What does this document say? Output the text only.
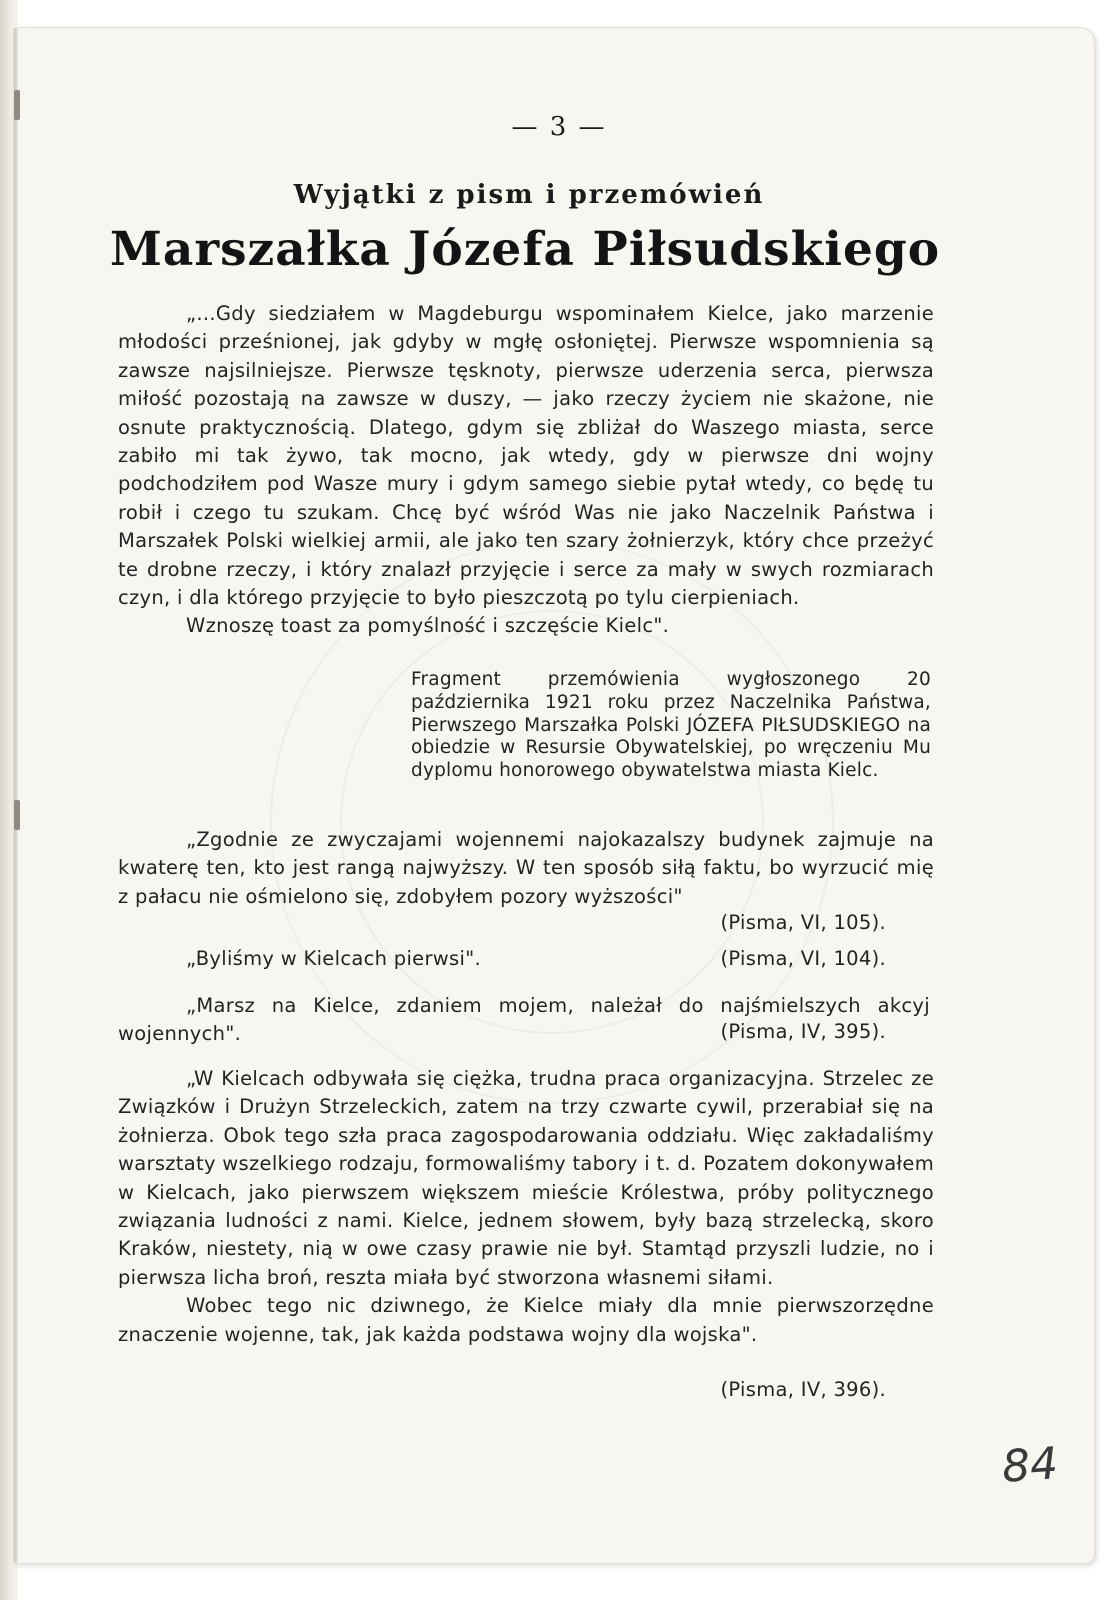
— 3 —
Wyjątki z pism i przemówień
Marszałka Józefa Piłsudskiego

„...Gdy siedziałem w Magdeburgu wspominałem Kielce, jako marzenie młodości prześnionej, jak gdyby w mgłę osłoniętej. Pierwsze wspomnienia są zawsze najsilniejsze. Pierwsze tęsknoty, pierwsze uderzenia serca, pierwsza miłość pozostają na zawsze w duszy, — jako rzeczy życiem nie skażone, nie osnute praktycznością. Dlatego, gdym się zbliżał do Waszego miasta, serce zabiło mi tak żywo, tak mocno, jak wtedy, gdy w pierwsze dni wojny podchodziłem pod Wasze mury i gdym samego siebie pytał wtedy, co będę tu robił i czego tu szukam. Chcę być wśród Was nie jako Naczelnik Państwa i Marszałek Polski wielkiej armii, ale jako ten szary żołnierzyk, który chce przeżyć te drobne rzeczy, i który znalazł przyjęcie i serce za mały w swych rozmiarach czyn, i dla którego przyjęcie to było pieszczotą po tylu cierpieniach.

Wznoszę toast za pomyślność i szczęście Kielc".

Fragment przemówienia wygłoszonego 20 października 1921 roku przez Naczelnika Państwa, Pierwszego Marszałka Polski JÓZEFA PIŁSUDSKIEGO na obiedzie w Resursie Obywatelskiej, po wręczeniu Mu dyplomu honorowego obywatelstwa miasta Kielc.

„Zgodnie ze zwyczajami wojennemi najokazalszy budynek zajmuje na kwaterę ten, kto jest rangą najwyższy. W ten sposób siłą faktu, bo wyrzucić mię z pałacu nie ośmielono się, zdobyłem pozory wyższości"

(Pisma, VI, 105).
„Byliśmy w Kielcach pierwsi".	(Pisma, VI, 104).

„Marsz na Kielce, zdaniem mojem, należał do najśmielszych akcyj wojennych".	(Pisma, IV, 395).

„W Kielcach odbywała się ciężka, trudna praca organizacyjna. Strzelec ze Związków i Drużyn Strzeleckich, zatem na trzy czwarte cywil, przerabiał się na żołnierza. Obok tego szła praca zagospodarowania oddziału. Więc zakładaliśmy warsztaty wszelkiego rodzaju, formowaliśmy tabory i t. d. Pozatem dokonywałem w Kielcach, jako pierwszem większem mieście Królestwa, próby politycznego związania ludności z nami. Kielce, jednem słowem, były bazą strzelecką, skoro Kraków, niestety, nią w owe czasy prawie nie był. Stamtąd przyszli ludzie, no i pierwsza licha broń, reszta miała być stworzona własnemi siłami.

Wobec tego nic dziwnego, że Kielce miały dla mnie pierwszorzędne znaczenie wojenne, tak, jak każda podstawa wojny dla wojska".

(Pisma, IV, 396).
84
